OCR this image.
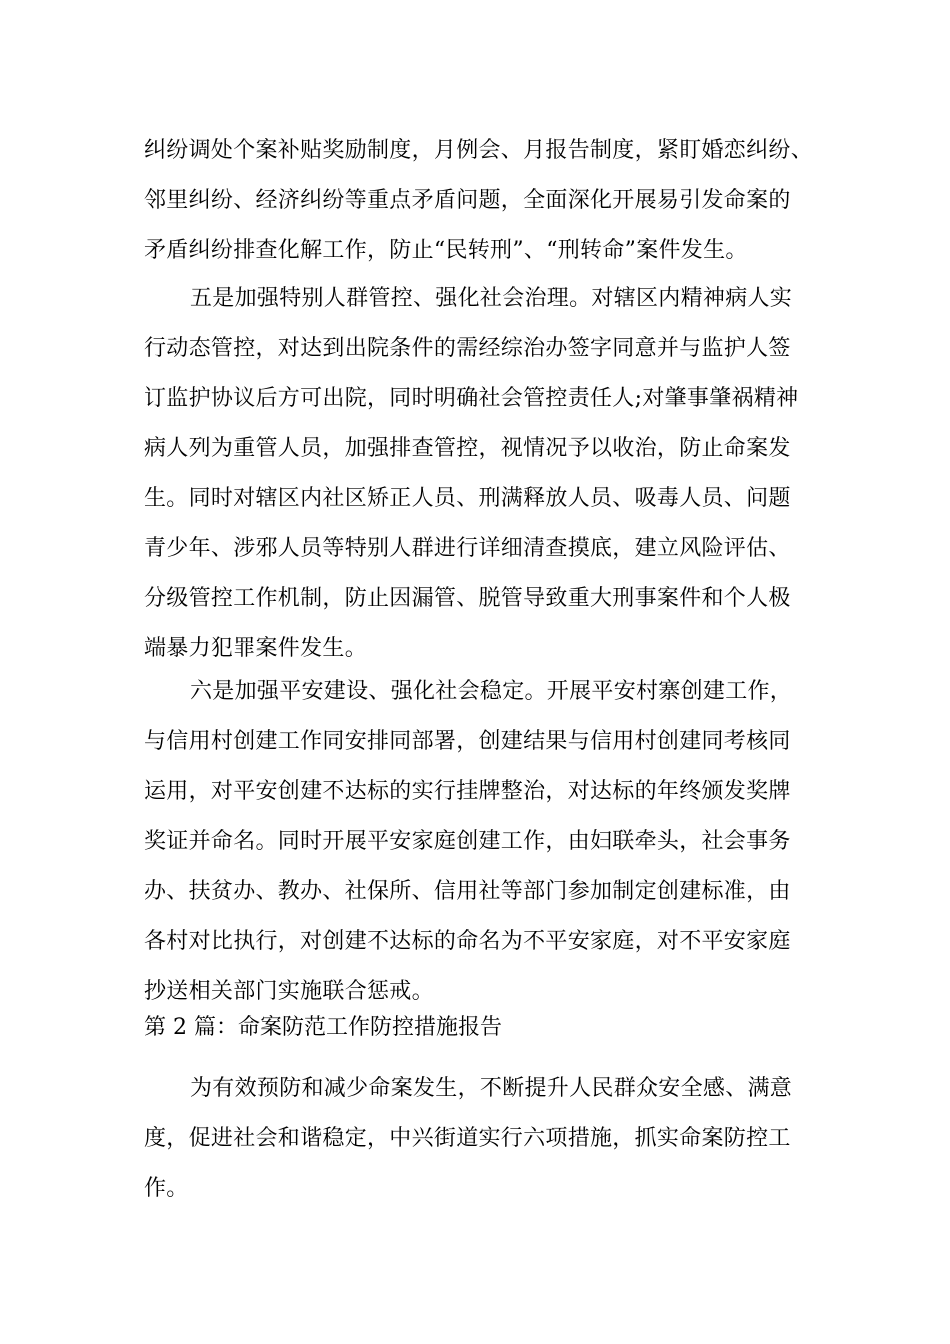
纠纷调处个案补贴奖励制度，月例会、月报告制度，紧盯婚恋纠纷、
邻里纠纷、经济纠纷等重点矛盾问题，全面深化开展易引发命案的
矛盾纠纷排查化解工作，防止“民转刑”、“刑转命”案件发生。
五是加强特别人群管控、强化社会治理。对辖区内精神病人实
行动态管控，对达到出院条件的需经综治办签字同意并与监护人签
订监护协议后方可出院，同时明确社会管控责任人;对肇事肇祸精神
病人列为重管人员，加强排查管控，视情况予以收治，防止命案发
生。同时对辖区内社区矫正人员、刑满释放人员、吸毒人员、问题
青少年、涉邪人员等特别人群进行详细清查摸底，建立风险评估、
分级管控工作机制，防止因漏管、脱管导致重大刑事案件和个人极
端暴力犯罪案件发生。
六是加强平安建设、强化社会稳定。开展平安村寨创建工作，
与信用村创建工作同安排同部署，创建结果与信用村创建同考核同
运用，对平安创建不达标的实行挂牌整治，对达标的年终颁发奖牌
奖证并命名。同时开展平安家庭创建工作，由妇联牵头，社会事务
办、扶贫办、教办、社保所、信用社等部门参加制定创建标准，由
各村对比执行，对创建不达标的命名为不平安家庭，对不平安家庭
抄送相关部门实施联合惩戒。
第 2 篇：命案防范工作防控措施报告
为有效预防和减少命案发生，不断提升人民群众安全感、满意
度，促进社会和谐稳定，中兴街道实行六项措施，抓实命案防控工
作。
